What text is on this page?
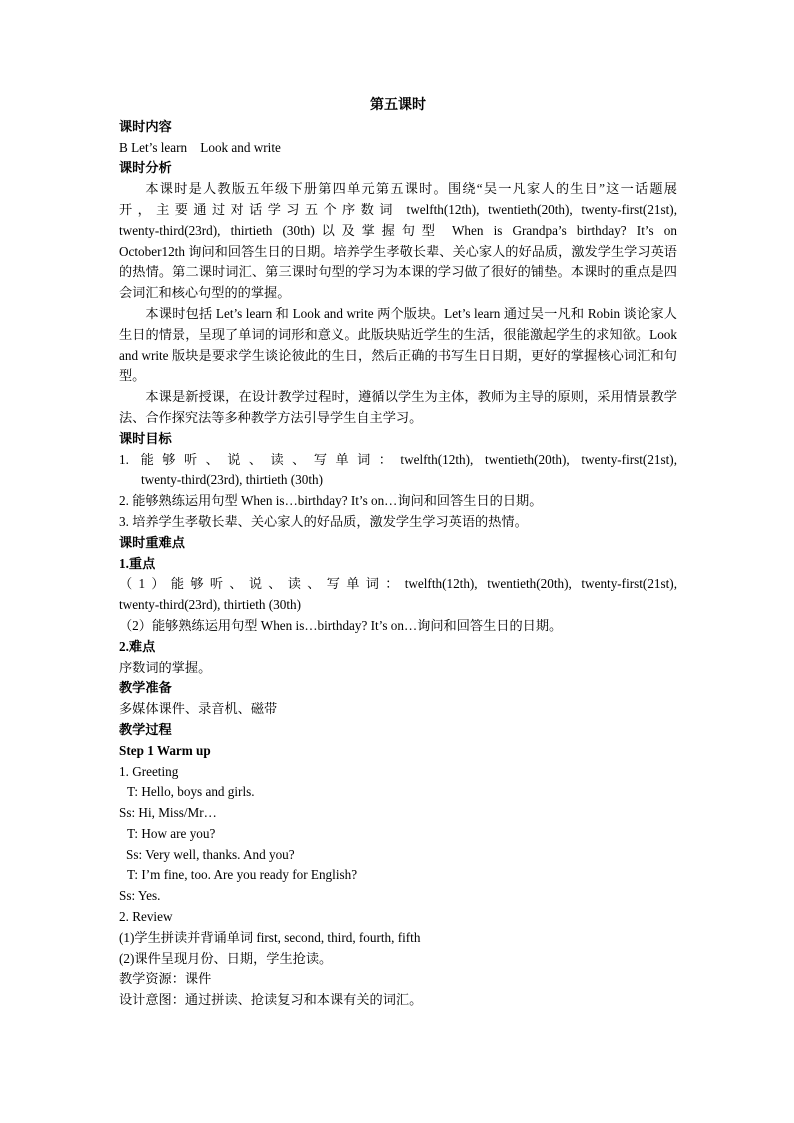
第五课时
课时内容
B Let’s learn    Look and write
课时分析
本课时是人教版五年级下册第四单元第五课时。围绕“吴一凡家人的生日”这一话题展
开，主要通过对话学习五个序数词 twelfth(12th), twentieth(20th), twenty-first(21st),
twenty-third(23rd), thirtieth (30th)以及掌握句型 When is Grandpa’s birthday? It’s on
October12th 询问和回答生日的日期。培养学生孝敬长辈、关心家人的好品质，激发学生学习英语的热情。第二课时词汇、第三课时句型的学习为本课的学习做了很好的铺垫。本课时的重点是四会词汇和核心句型的的掌握。
本课时包括 Let’s learn 和 Look and write 两个版块。Let’s learn 通过吴一凡和 Robin 谈论家人生日的情景，呈现了单词的词形和意义。此版块贴近学生的生活，很能激起学生的求知欲。Look and write 版块是要求学生谈论彼此的生日，然后正确的书写生日日期，更好的掌握核心词汇和句型。
本课是新授课，在设计教学过程时，遵循以学生为主体，教师为主导的原则，采用情景教学法、合作探究法等多种教学方法引导学生自主学习。
课时目标
1. 能够听、说、读、写单词：twelfth(12th), twentieth(20th), twenty-first(21st),
twenty-third(23rd), thirtieth (30th)
2. 能够熟练运用句型 When is…birthday? It’s on…询问和回答生日的日期。
3. 培养学生孝敬长辈、关心家人的好品质，激发学生学习英语的热情。
课时重难点
1.重点
（1）能够听、说、读、写单词：twelfth(12th), twentieth(20th), twenty-first(21st),
twenty-third(23rd), thirtieth (30th)
（2）能够熟练运用句型 When is…birthday? It’s on…询问和回答生日的日期。
2.难点
序数词的掌握。
教学准备
多媒体课件、录音机、磁带
教学过程
Step 1 Warm up
1. Greeting
T: Hello, boys and girls.
Ss: Hi, Miss/Mr…
T: How are you?
Ss: Very well, thanks. And you?
T: I’m fine, too. Are you ready for English?
Ss: Yes.
2. Review
(1)学生拼读并背诵单词 first, second, third, fourth, fifth
(2)课件呈现月份、日期，学生抢读。
教学资源：课件
设计意图：通过拼读、抢读复习和本课有关的词汇。
